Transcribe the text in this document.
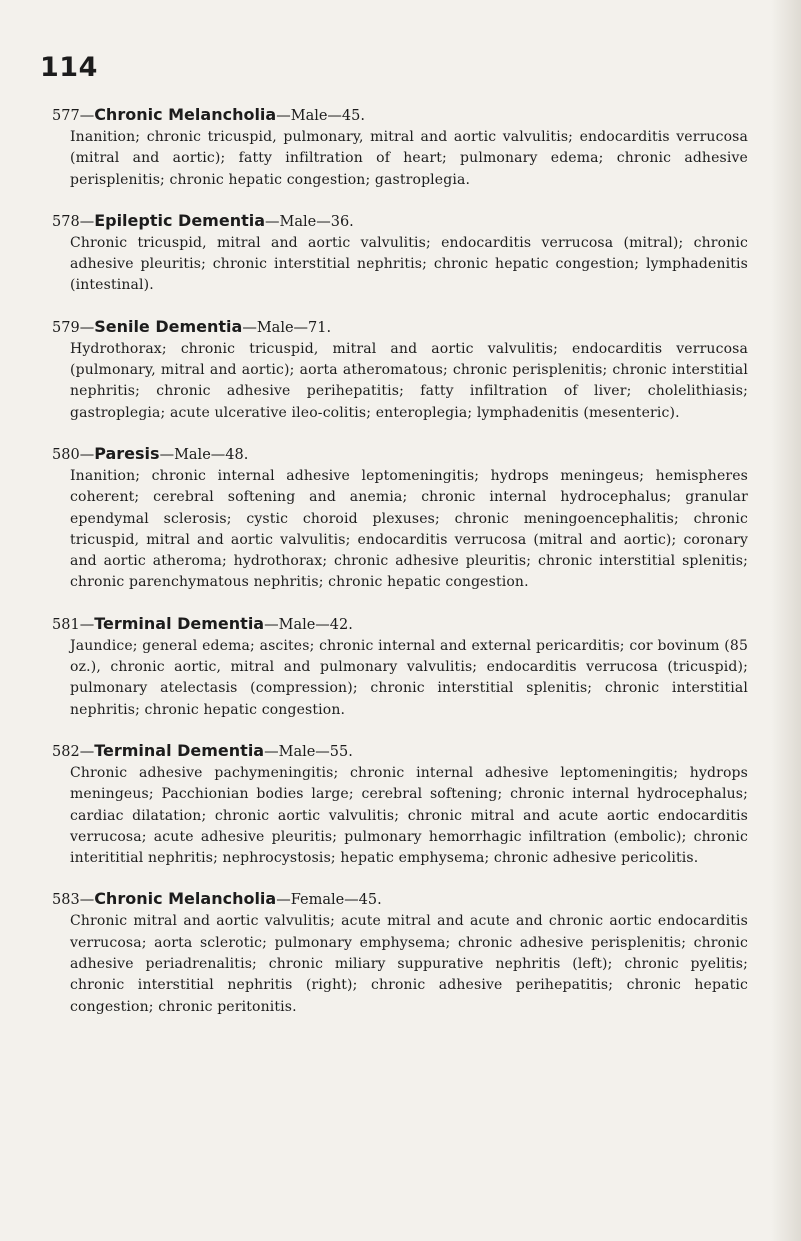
114
577—Chronic Melancholia—Male—45.
Inanition; chronic tricuspid, pulmonary, mitral and aortic valvulitis; endocarditis verrucosa (mitral and aortic); fatty infiltration of heart; pulmonary edema; chronic adhesive perisplenitis; chronic hepatic congestion; gastroplegia.
578—Epileptic Dementia—Male—36.
Chronic tricuspid, mitral and aortic valvulitis; endocarditis verrucosa (mitral); chronic adhesive pleuritis; chronic interstitial nephritis; chronic hepatic congestion; lymphadenitis (intestinal).
579—Senile Dementia—Male—71.
Hydrothorax; chronic tricuspid, mitral and aortic valvulitis; endocarditis verrucosa (pulmonary, mitral and aortic); aorta atheromatous; chronic perisplenitis; chronic interstitial nephritis; chronic adhesive perihepatitis; fatty infiltration of liver; cholelithiasis; gastroplegia; acute ulcerative ileo-colitis; enteroplegia; lymphadenitis (mesenteric).
580—Paresis—Male—48.
Inanition; chronic internal adhesive leptomeningitis; hydrops meningeus; hemispheres coherent; cerebral softening and anemia; chronic internal hydrocephalus; granular ependymal sclerosis; cystic choroid plexuses; chronic meningoencephalitis; chronic tricuspid, mitral and aortic valvulitis; endocarditis verrucosa (mitral and aortic); coronary and aortic atheroma; hydrothorax; chronic adhesive pleuritis; chronic interstitial splenitis; chronic parenchymatous nephritis; chronic hepatic congestion.
581—Terminal Dementia—Male—42.
Jaundice; general edema; ascites; chronic internal and external pericarditis; cor bovinum (85 oz.), chronic aortic, mitral and pulmonary valvulitis; endocarditis verrucosa (tricuspid); pulmonary atelectasis (compression); chronic interstitial splenitis; chronic interstitial nephritis; chronic hepatic congestion.
582—Terminal Dementia—Male—55.
Chronic adhesive pachymeningitis; chronic internal adhesive leptomeningitis; hydrops meningeus; Pacchionian bodies large; cerebral softening; chronic internal hydrocephalus; cardiac dilatation; chronic aortic valvulitis; chronic mitral and acute aortic endocarditis verrucosa; acute adhesive pleuritis; pulmonary hemorrhagic infiltration (embolic); chronic interititial nephritis; nephrocystosis; hepatic emphysema; chronic adhesive pericolitis.
583—Chronic Melancholia—Female—45.
Chronic mitral and aortic valvulitis; acute mitral and acute and chronic aortic endocarditis verrucosa; aorta sclerotic; pulmonary emphysema; chronic adhesive perisplenitis; chronic adhesive periadrenalitis; chronic miliary suppurative nephritis (left); chronic pyelitis; chronic interstitial nephritis (right); chronic adhesive perihepatitis; chronic hepatic congestion; chronic peritonitis.
